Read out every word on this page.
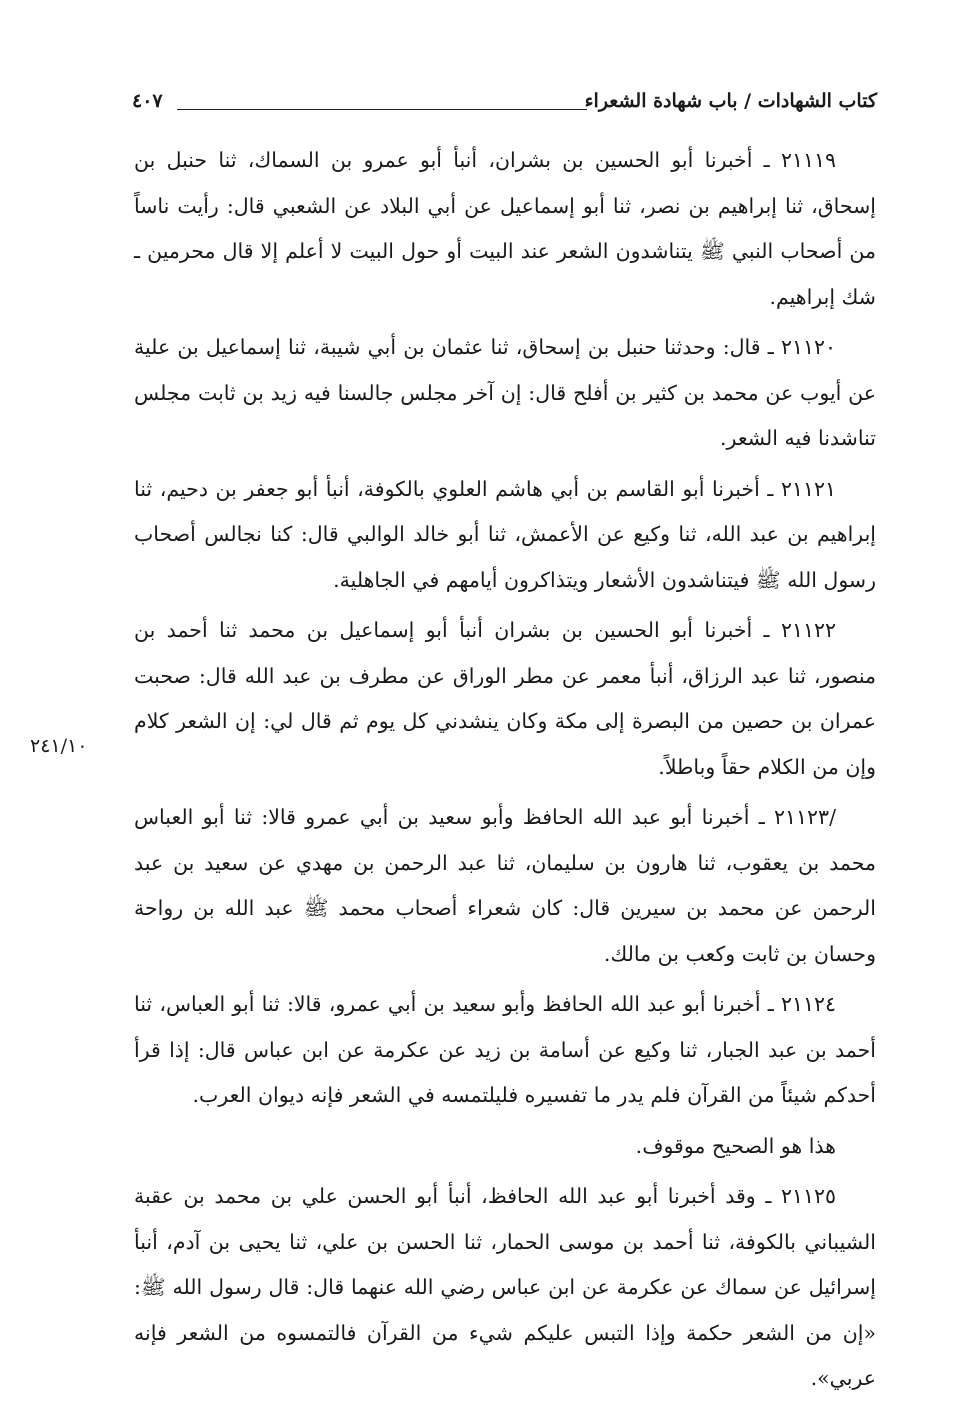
كتاب الشهادات / باب شهادة الشعراء
٤٠٧
٢٤١/١٠

٢١١١٩ ـ أخبرنا أبو الحسين بن بشران، أنبأ أبو عمرو بن السماك، ثنا حنبل بن إسحاق، ثنا إبراهيم بن نصر، ثنا أبو إسماعيل عن أبي البلاد عن الشعبي قال: رأيت ناساً من أصحاب النبي ﷺ يتناشدون الشعر عند البيت أو حول البيت لا أعلم إلا قال محرمين ـ شك إبراهيم.

٢١١٢٠ ـ قال: وحدثنا حنبل بن إسحاق، ثنا عثمان بن أبي شيبة، ثنا إسماعيل بن علية عن أيوب عن محمد بن كثير بن أفلح قال: إن آخر مجلس جالسنا فيه زيد بن ثابت مجلس تناشدنا فيه الشعر.

٢١١٢١ ـ أخبرنا أبو القاسم بن أبي هاشم العلوي بالكوفة، أنبأ أبو جعفر بن دحيم، ثنا إبراهيم بن عبد الله، ثنا وكيع عن الأعمش، ثنا أبو خالد الوالبي قال: كنا نجالس أصحاب رسول الله ﷺ فيتناشدون الأشعار ويتذاكرون أيامهم في الجاهلية.

٢١١٢٢ ـ أخبرنا أبو الحسين بن بشران أنبأ أبو إسماعيل بن محمد ثنا أحمد بن منصور، ثنا عبد الرزاق، أنبأ معمر عن مطر الوراق عن مطرف بن عبد الله قال: صحبت عمران بن حصين من البصرة إلى مكة وكان ينشدني كل يوم ثم قال لي: إن الشعر كلام وإن من الكلام حقاً وباطلاً.

/٢١١٢٣ ـ أخبرنا أبو عبد الله الحافظ وأبو سعيد بن أبي عمرو قالا: ثنا أبو العباس محمد بن يعقوب، ثنا هارون بن سليمان، ثنا عبد الرحمن بن مهدي عن سعيد بن عبد الرحمن عن محمد بن سيرين قال: كان شعراء أصحاب محمد ﷺ عبد الله بن رواحة وحسان بن ثابت وكعب بن مالك.

٢١١٢٤ ـ أخبرنا أبو عبد الله الحافظ وأبو سعيد بن أبي عمرو، قالا: ثنا أبو العباس، ثنا أحمد بن عبد الجبار، ثنا وكيع عن أسامة بن زيد عن عكرمة عن ابن عباس قال: إذا قرأ أحدكم شيئاً من القرآن فلم يدر ما تفسيره فليلتمسه في الشعر فإنه ديوان العرب.

هذا هو الصحيح موقوف.

٢١١٢٥ ـ وقد أخبرنا أبو عبد الله الحافظ، أنبأ أبو الحسن علي بن محمد بن عقبة الشيباني بالكوفة، ثنا أحمد بن موسى الحمار، ثنا الحسن بن علي، ثنا يحيى بن آدم، أنبأ إسرائيل عن سماك عن عكرمة عن ابن عباس رضي الله عنهما قال: قال رسول الله ﷺ: «إن من الشعر حكمة وإذا التبس عليكم شيء من القرآن فالتمسوه من الشعر فإنه عربي».
